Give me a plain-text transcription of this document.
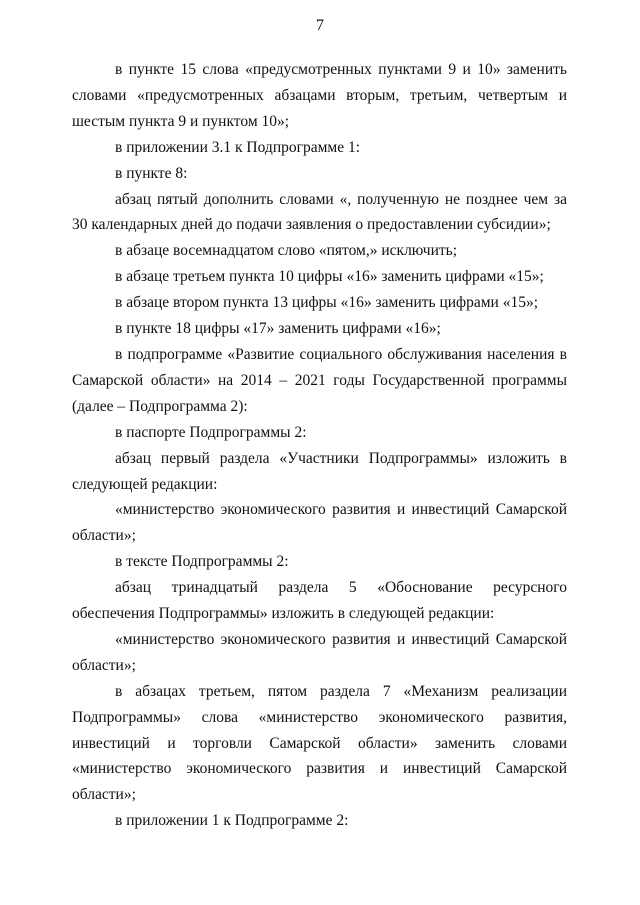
7

в пункте 15 слова «предусмотренных пунктами 9 и 10» заменить словами «предусмотренных абзацами вторым, третьим, четвертым и шестым пункта 9 и пунктом 10»;

в приложении 3.1 к Подпрограмме 1:

в пункте 8:

абзац пятый дополнить словами «, полученную не позднее чем за 30 календарных дней до подачи заявления о предоставлении субсидии»;

в абзаце восемнадцатом слово «пятом,» исключить;

в абзаце третьем пункта 10 цифры «16» заменить цифрами «15»;

в абзаце втором пункта 13 цифры «16» заменить цифрами «15»;

в пункте 18 цифры «17» заменить цифрами «16»;

в подпрограмме «Развитие социального обслуживания населения в Самарской области» на 2014 – 2021 годы Государственной программы (далее – Подпрограмма 2):

в паспорте Подпрограммы 2:

абзац первый раздела «Участники Подпрограммы» изложить в следующей редакции:

«министерство экономического развития и инвестиций Самарской области»;

в тексте Подпрограммы 2:

абзац тринадцатый раздела 5 «Обоснование ресурсного обеспечения Подпрограммы» изложить в следующей редакции:

«министерство экономического развития и инвестиций Самарской области»;

в абзацах третьем, пятом раздела 7 «Механизм реализации Подпрограммы» слова «министерство экономического развития, инвестиций и торговли Самарской области» заменить словами «министерство экономического развития и инвестиций Самарской области»;

в приложении 1 к Подпрограмме 2:
